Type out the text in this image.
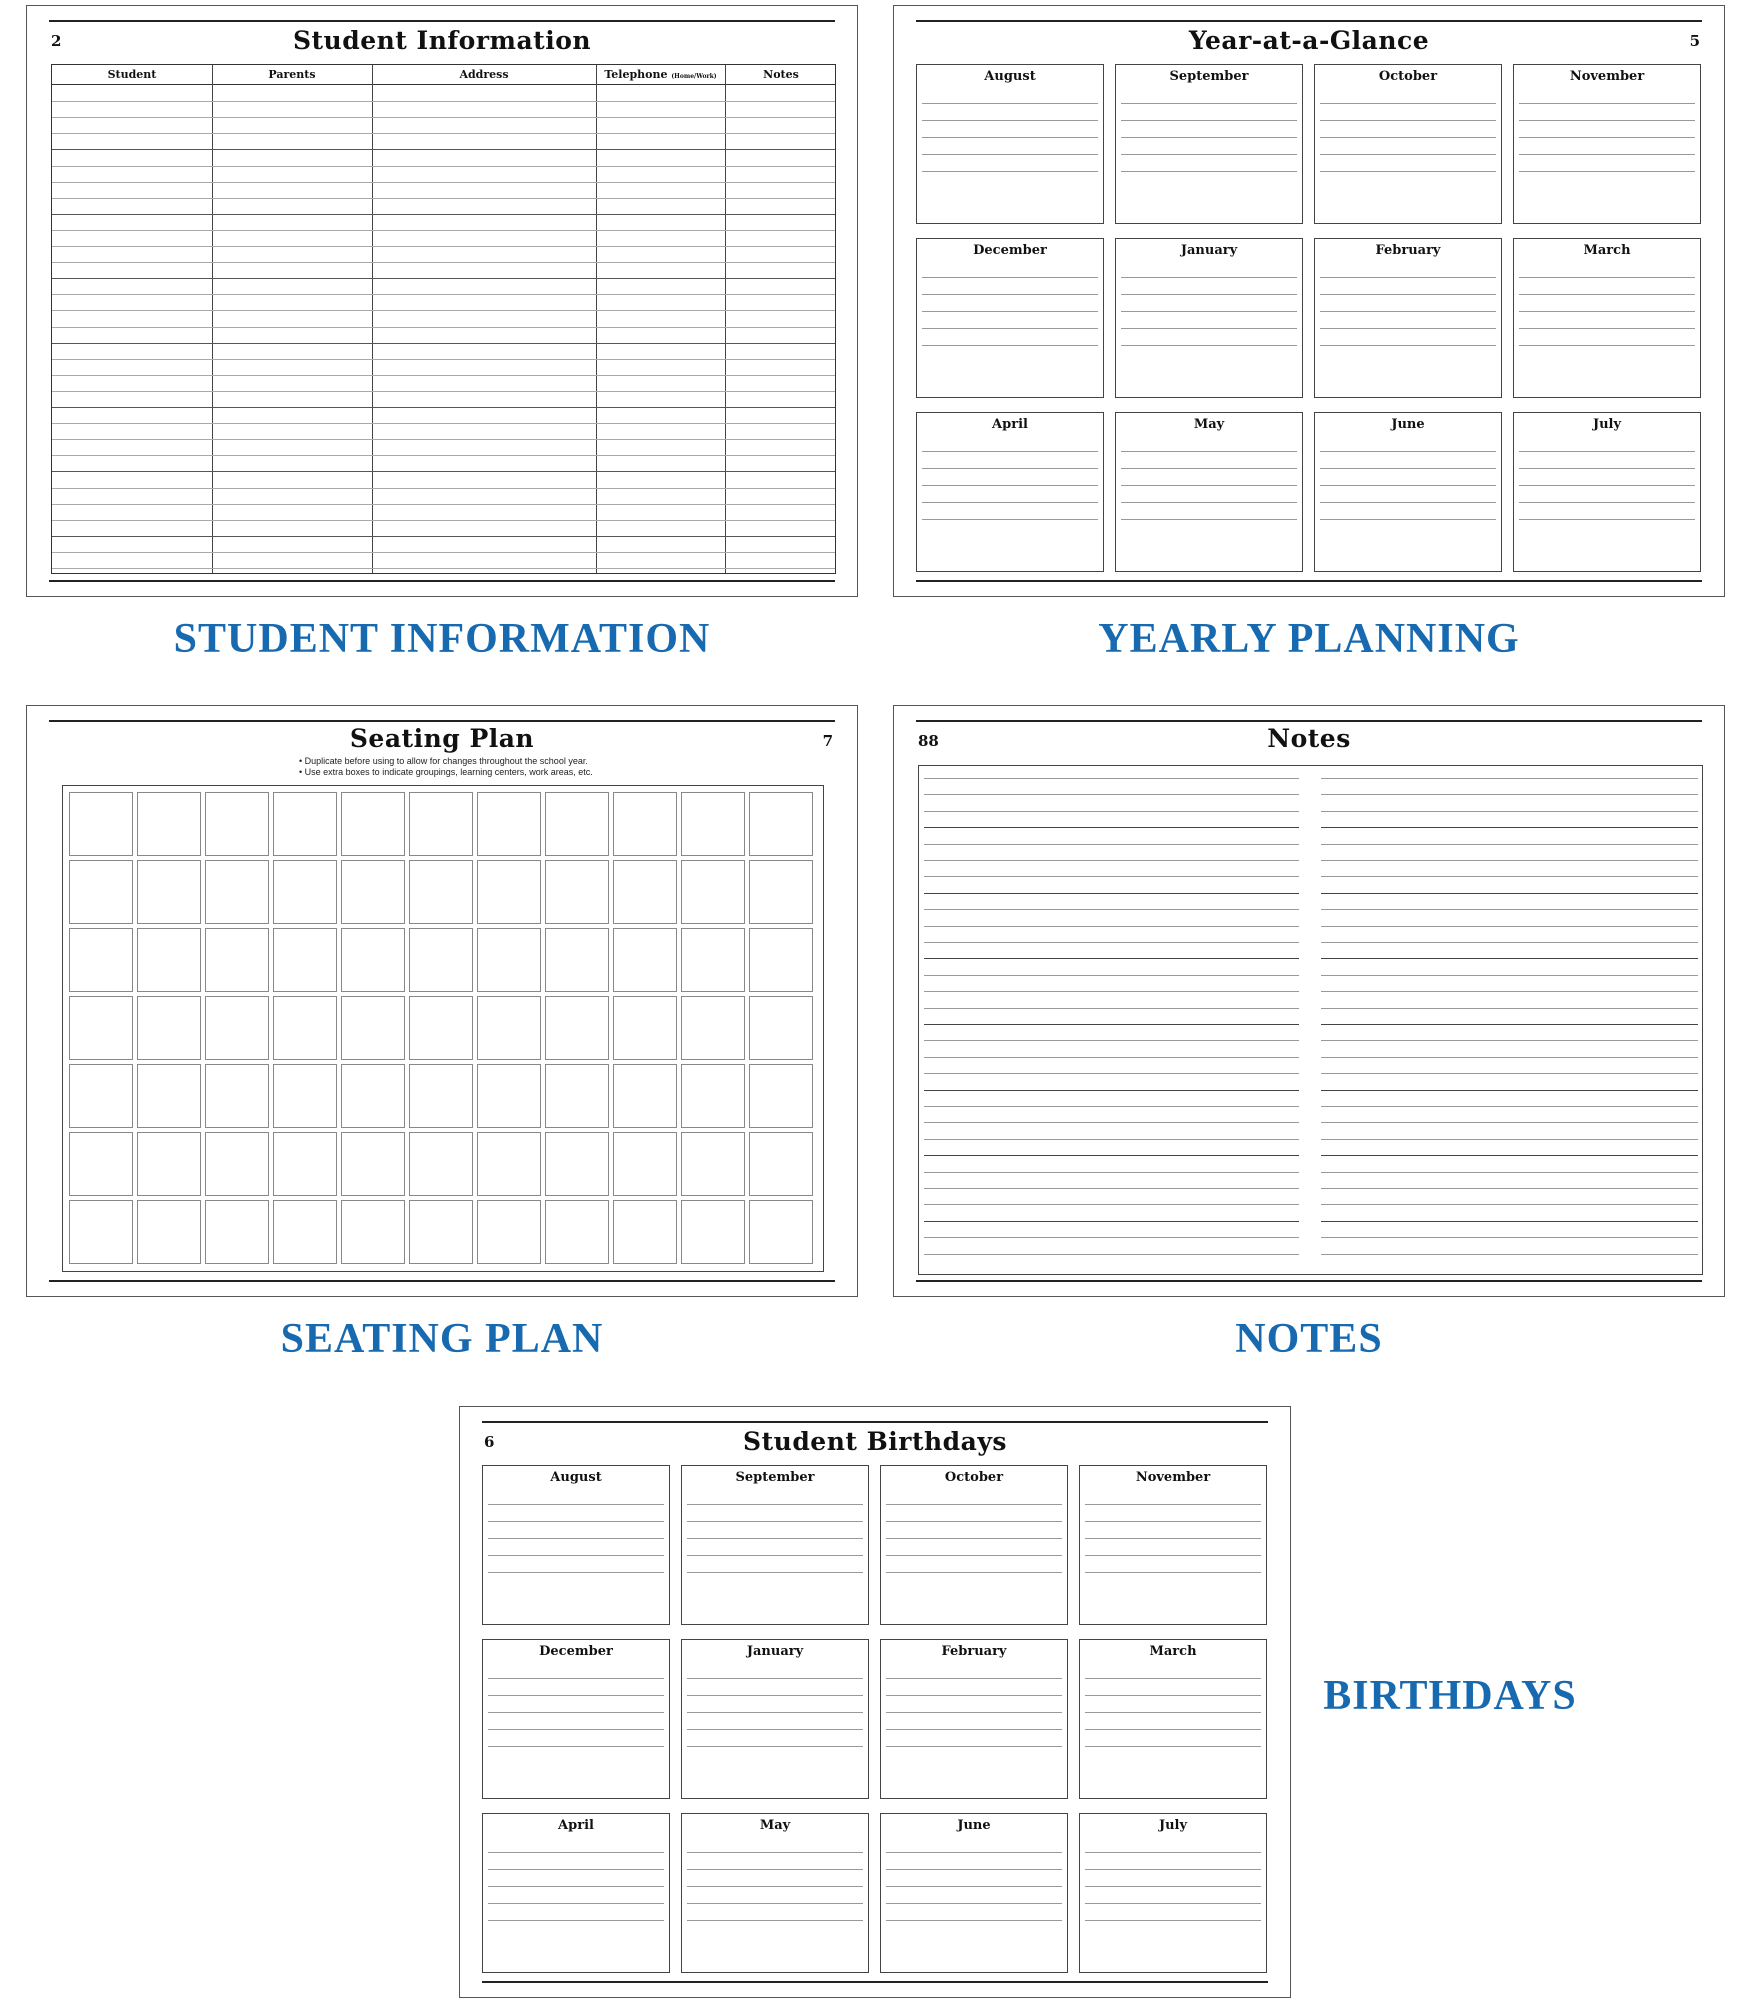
2	Student Information
Student	Parents	Address	Telephone (Home/Work)	Notes
STUDENT INFORMATION
5
Year-at-a-Glance
August	September	October	November
December	January	February	March
April	May	June	July
YEARLY PLANNING
7
Seating Plan
• Duplicate before using to allow for changes throughout the school year.
• Use extra boxes to indicate groupings, learning centers, work areas, etc.
SEATING PLAN
88	Notes
NOTES
6	Student Birthdays
August	September	October	November
December	January	February	March
April	May	June	July
BIRTHDAYS
